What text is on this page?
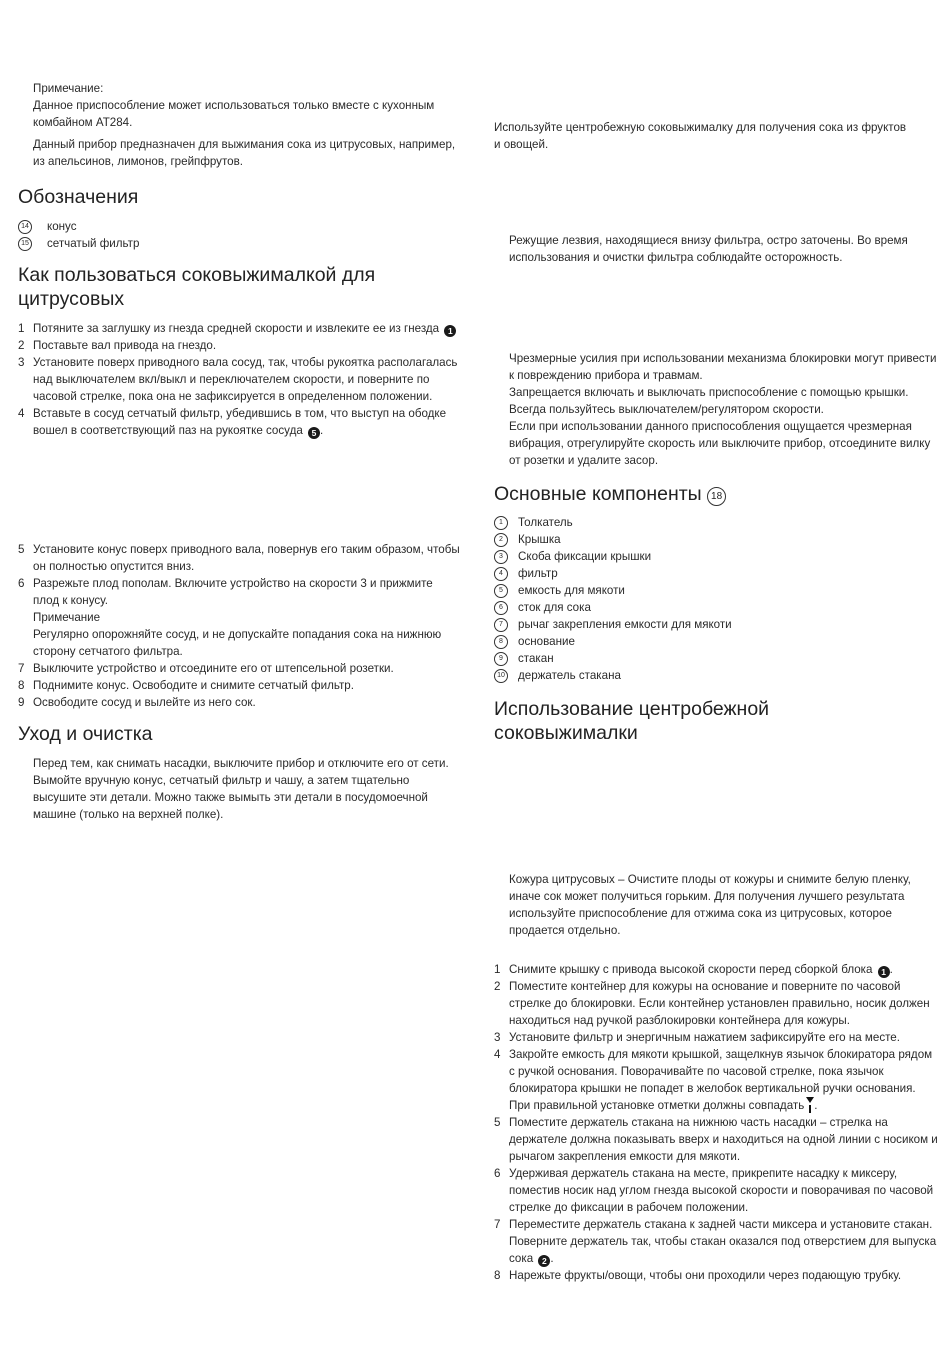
Примечание:

Данное приспособление может использоваться только вместе с кухонным комбайном AT284.

Данный прибор предназначен для выжимания сока из цитрусовых, например, из апельсинов, лимонов, грейпфрутов.

Обозначения
14 конус
15 сетчатый фильтр
Как пользоваться соковыжималкой для цитрусовых
1 Потяните за заглушку из гнезда средней скорости и извлеките ее из гнезда 1
2 Поставьте вал привода на гнездо.
3 Установите поверх приводного вала сосуд, так, чтобы рукоятка располагалась над выключателем вкл/выкл и переключателем скорости, и поверните по часовой стрелке, пока она не зафиксируется в определенном положении.
4 Вставьте в сосуд сетчатый фильтр, убедившись в том, что выступ на ободке вошел в соответствующий паз на рукоятке сосуда 5 .
5 Установите конус поверх приводного вала, повернув его таким образом, чтобы он полностью опустится вниз.
6 Разрежьте плод пополам. Включите устройство на скорости 3 и прижмите плод к конусу.

Примечание

Регулярно опорожняйте сосуд, и не допускайте попадания сока на нижнюю сторону сетчатого фильтра.

7 Выключите устройство и отсоедините его от штепсельной розетки.
8 Поднимите конус. Освободите и снимите сетчатый фильтр.
9 Освободите сосуд и вылейте из него сок.
Уход и очистка

Перед тем, как снимать насадки, выключите прибор и отключите его от сети.

Вымойте вручную конус, сетчатый фильтр и чашу, а затем тщательно высушите эти детали. Можно также вымыть эти детали в посудомоечной машине (только на верхней полке).

Используйте центробежную соковыжималку для получения сока из фруктов и овощей.

Режущие лезвия, находящиеся внизу фильтра, остро заточены. Во время использования и очистки фильтра соблюдайте осторожность.

Чрезмерные усилия при использовании механизма блокировки могут привести к повреждению прибора и травмам.

Запрещается включать и выключать приспособление с помощью крышки. Всегда пользуйтесь выключателем/регулятором скорости.

Если при использовании данного приспособления ощущается чрезмерная вибрация, отрегулируйте скорость или выключите прибор, отсоедините вилку от розетки и удалите засор.

Основные компоненты 18
1	Толкатель
2	Крышка
3	Скоба фиксации крышки
4	фильтр
5	емкость для мякоти
6	сток для сока
7	рычаг закрепления емкости для мякоти
8	основание
9	стакан
10 держатель стакана
Использование центробежной соковыжималки

Кожура цитрусовых – Очистите плоды от кожуры и снимите белую пленку, иначе сок может получиться горьким. Для получения лучшего результата используйте приспособление для отжима сока из цитрусовых, которое продается отдельно.

1 Снимите крышку с привода высокой скорости перед сборкой блока 1 .
2 Поместите контейнер для кожуры на основание и поверните по часовой стрелке до блокировки. Если контейнер установлен правильно, носик должен находиться над ручкой разблокировки контейнера для кожуры.
3 Установите фильтр и энергичным нажатием зафиксируйте его на месте.
4 Закройте емкость для мякоти крышкой, защелкнув язычок блокиратора рядом с ручкой основания. Поворачивайте по часовой стрелке, пока язычок блокиратора крышки не попадет в желобок вертикальной ручки основания. При правильной установке отметки должны совпадать .
5 Поместите держатель стакана на нижнюю часть насадки – стрелка на держателе должна показывать вверх и находиться на одной линии с носиком и рычагом закрепления емкости для мякоти.
6 Удерживая держатель стакана на месте, прикрепите насадку к миксеру, поместив носик над углом гнезда высокой скорости и поворачивая по часовой стрелке до фиксации в рабочем положении.
7 Переместите держатель стакана к задней части миксера и установите стакан. Поверните держатель так, чтобы стакан оказался под отверстием для выпуска сока 2 .
8 Нарежьте фрукты/овощи, чтобы они проходили через подающую трубку.
